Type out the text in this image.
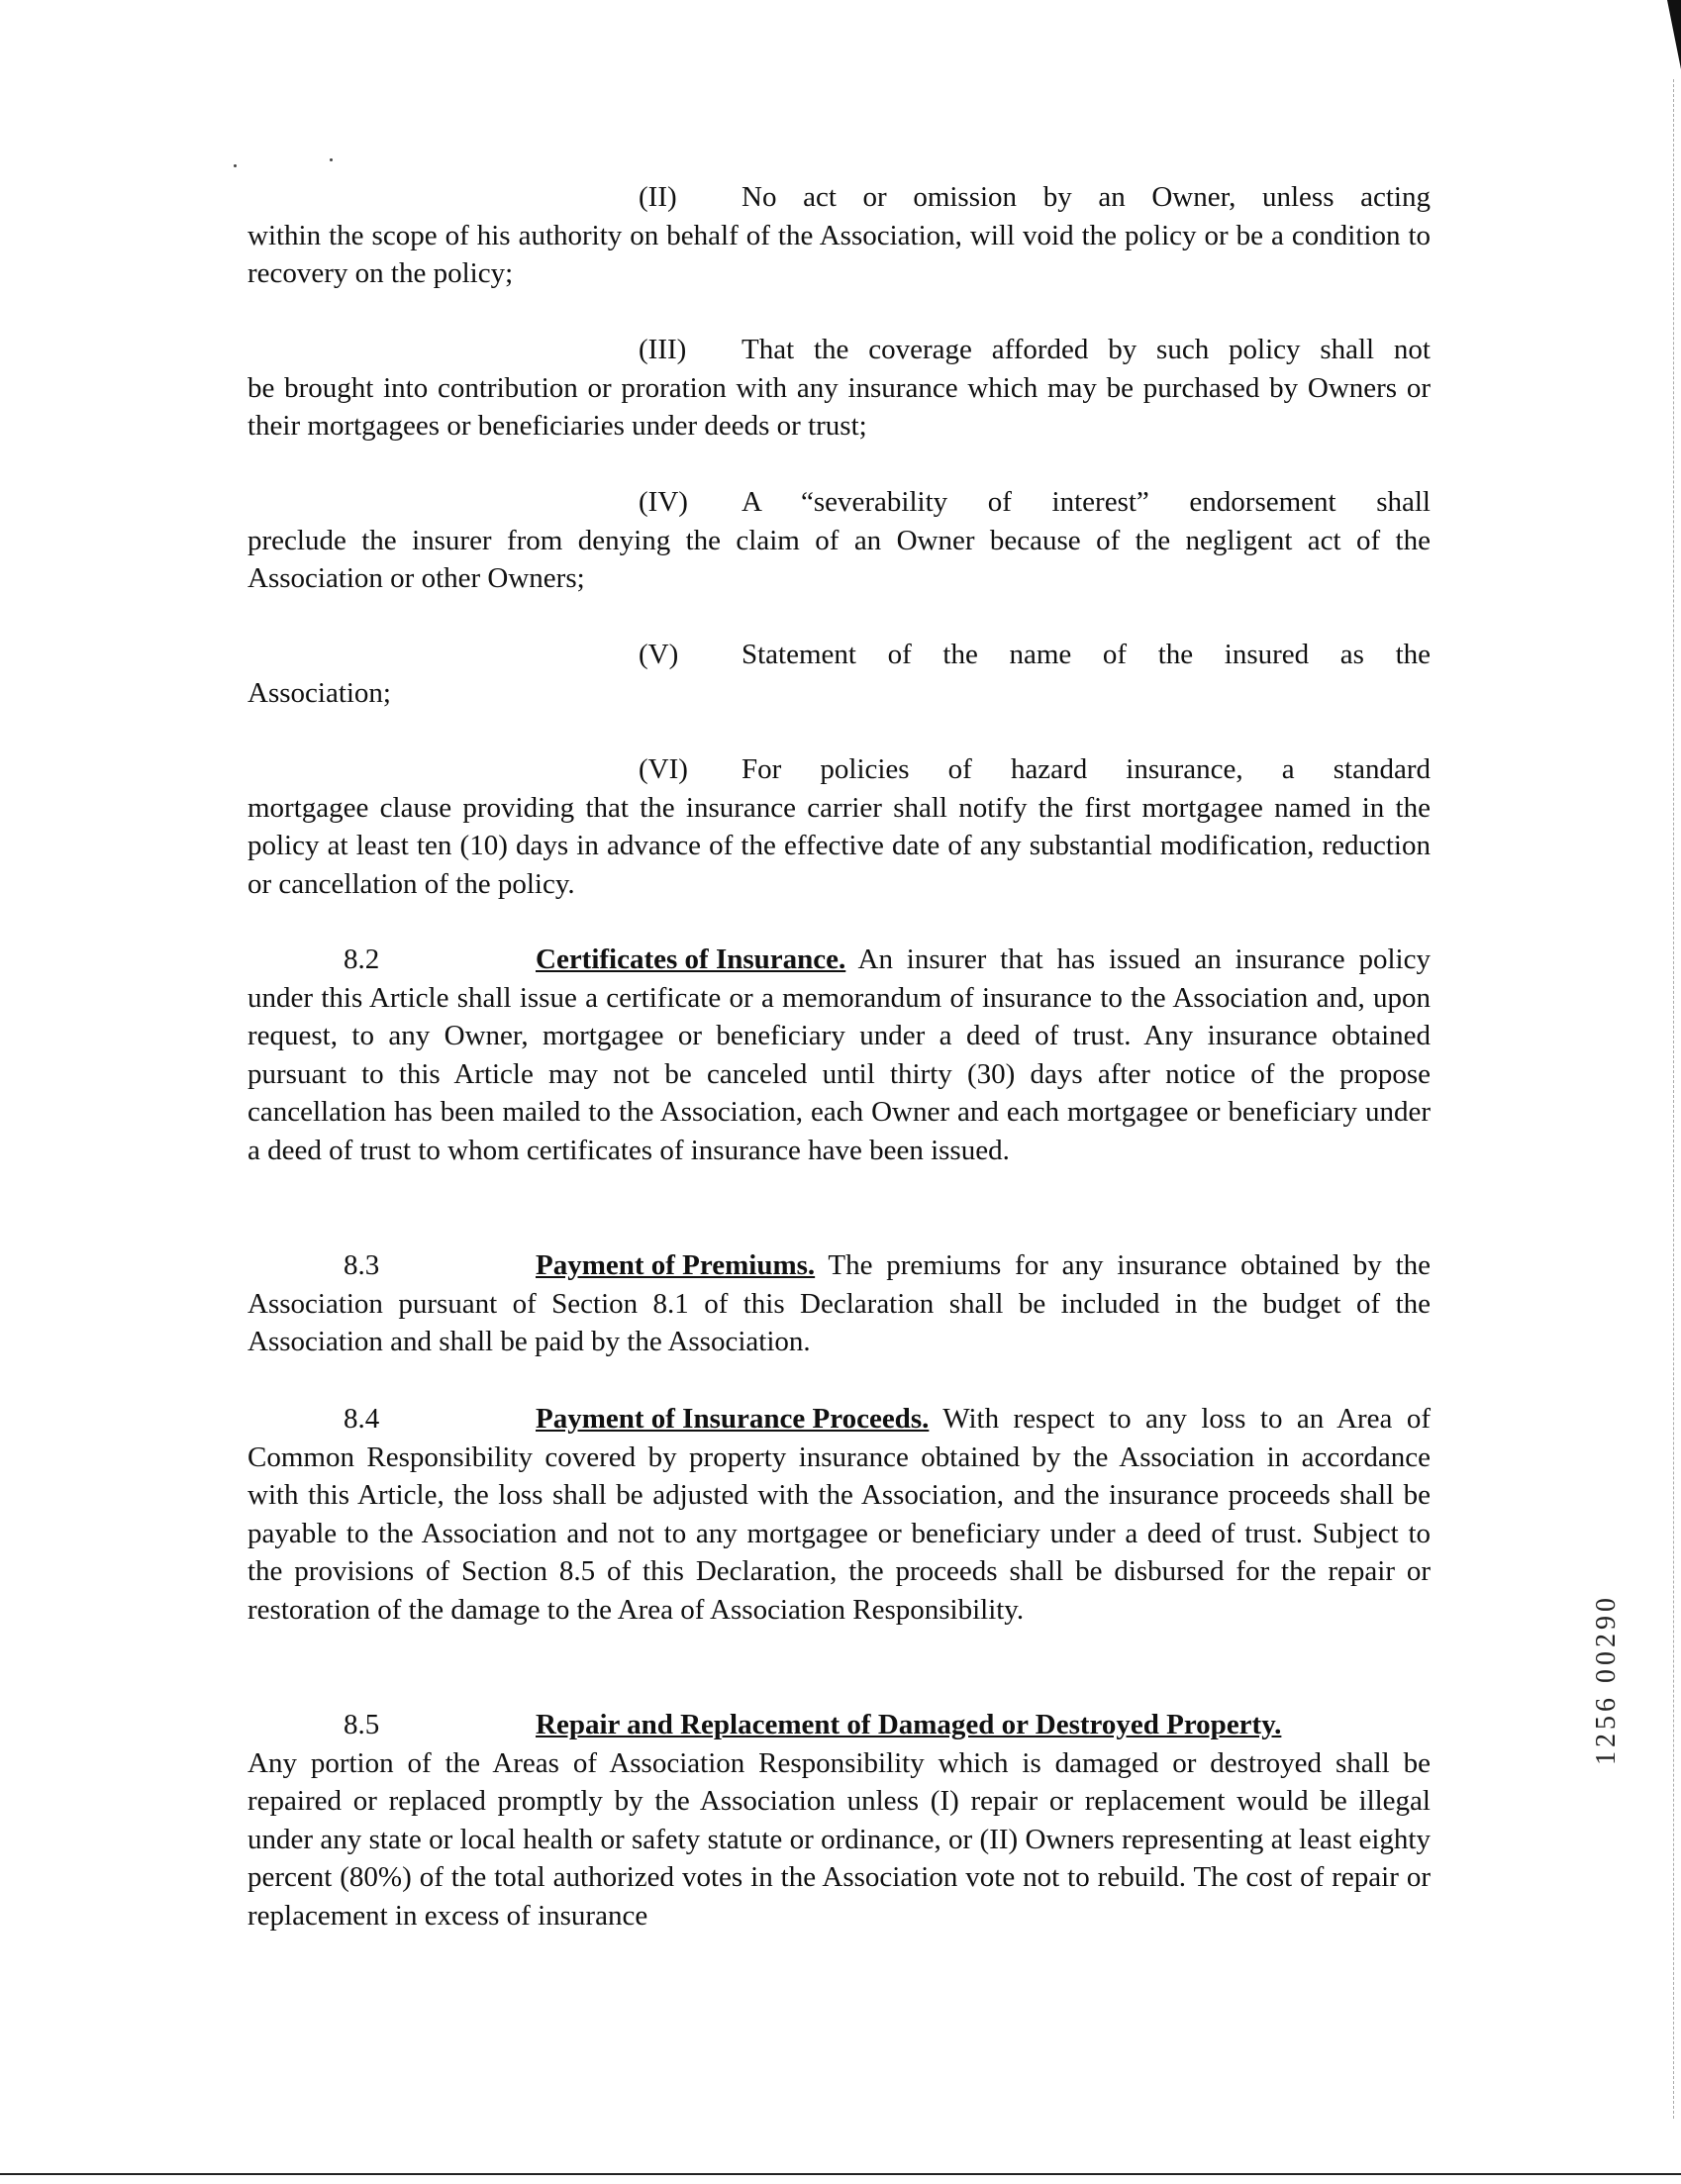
(II) No act or omission by an Owner, unless acting
within the scope of his authority on behalf of the Association, will void the policy or be a condition to recovery on the policy;
(III) That the coverage afforded by such policy shall not
be brought into contribution or proration with any insurance which may be purchased by Owners or their mortgagees or beneficiaries under deeds or trust;
(IV) A “severability of interest” endorsement shall
preclude the insurer from denying the claim of an Owner because of the negligent act of the Association or other Owners;
(V) Statement of the name of the insured as the
Association;
(VI) For policies of hazard insurance, a standard
mortgagee clause providing that the insurance carrier shall notify the first mortgagee named in the policy at least ten (10) days in advance of the effective date of any substantial modification, reduction or cancellation of the policy.
8.2	Certificates of Insurance. An insurer that has issued an insurance policy under this Article shall issue a certificate or a memorandum of insurance to the Association and, upon request, to any Owner, mortgagee or beneficiary under a deed of trust. Any insurance obtained pursuant to this Article may not be canceled until thirty (30) days after notice of the propose cancellation has been mailed to the Association, each Owner and each mortgagee or beneficiary under a deed of trust to whom certificates of insurance have been issued.
8.3	Payment of Premiums. The premiums for any insurance obtained by the Association pursuant of Section 8.1 of this Declaration shall be included in the budget of the Association and shall be paid by the Association.
8.4	Payment of Insurance Proceeds. With respect to any loss to an Area of Common Responsibility covered by property insurance obtained by the Association in accordance with this Article, the loss shall be adjusted with the Association, and the insurance proceeds shall be payable to the Association and not to any mortgagee or beneficiary under a deed of trust. Subject to the provisions of Section 8.5 of this Declaration, the proceeds shall be disbursed for the repair or restoration of the damage to the Area of Association Responsibility.
8.5	Repair and Replacement of Damaged or Destroyed Property.
Any portion of the Areas of Association Responsibility which is damaged or destroyed shall be repaired or replaced promptly by the Association unless (I) repair or replacement would be illegal under any state or local health or safety statute or ordinance, or (II) Owners representing at least eighty percent (80%) of the total authorized votes in the Association vote not to rebuild. The cost of repair or replacement in excess of insurance
1256 00290
